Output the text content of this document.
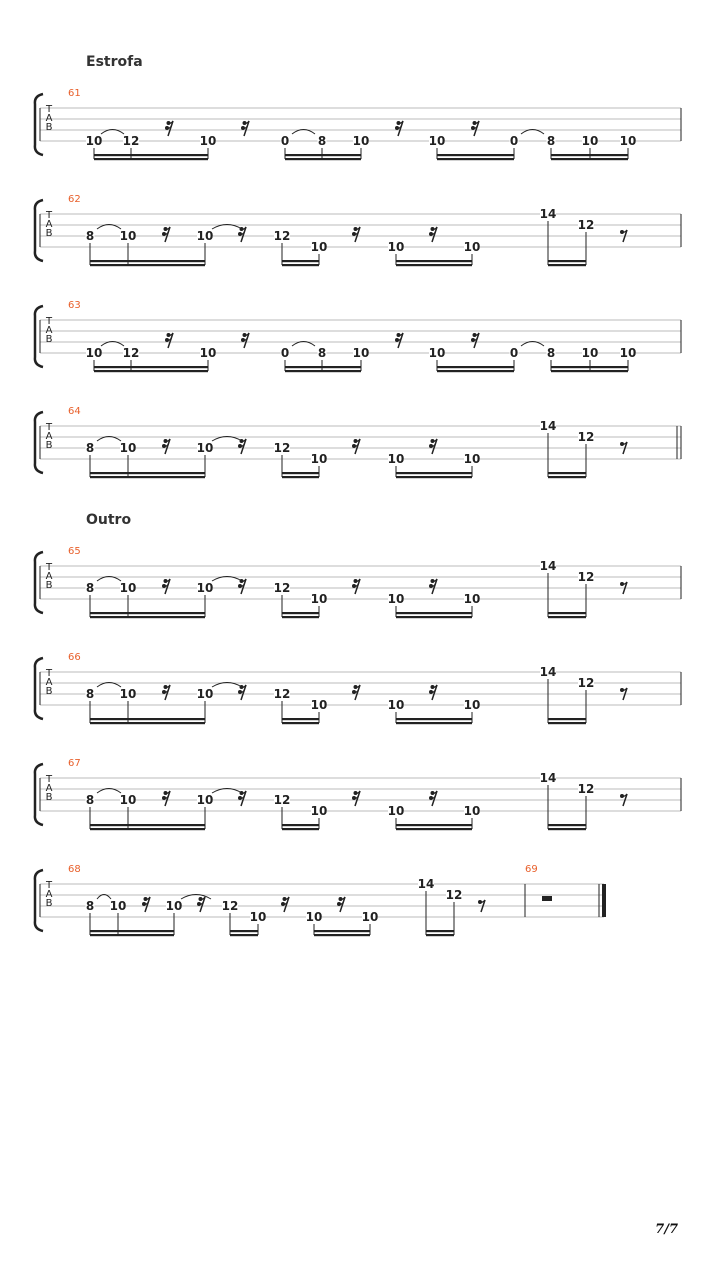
Estrofa
Outro
T
A
B
61
10 12	10	0 8 10	10	0 8 10 10
T
A
B
62
8 10	10	12
10	10	10
14
12
T
A
B
63
10 12	10	0 8 10	10	0 8 10 10
T
A
B
64
8 10	10	12
10	10	10
14
12
T
A
B
65
8 10	10	12
10	10	10
14
12
T
A
B
66
8 10	10	12
10	10	10
14
12
T
A
B
67
8 10	10	12
10	10	10
14
12
T
A
B
68
8 10	10	12
10	10	10
14
12
69
7/7
